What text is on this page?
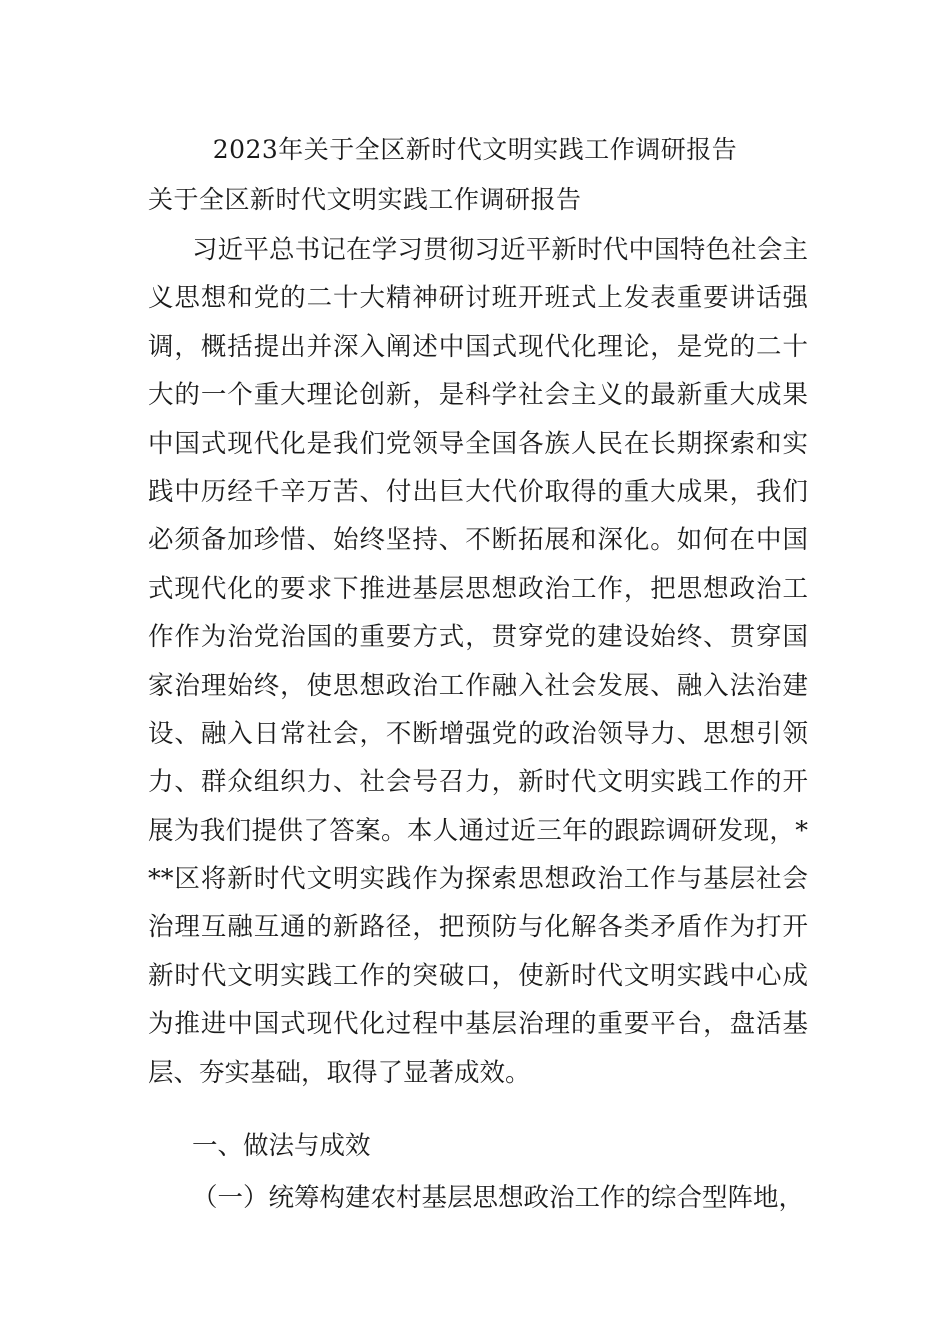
2023年关于全区新时代文明实践工作调研报告
关于全区新时代文明实践工作调研报告
习近平总书记在学习贯彻习近平新时代中国特色社会主
义思想和党的二十大精神研讨班开班式上发表重要讲话强
调，概括提出并深入阐述中国式现代化理论，是党的二十
大的一个重大理论创新，是科学社会主义的最新重大成果
中国式现代化是我们党领导全国各族人民在长期探索和实
践中历经千辛万苦、付出巨大代价取得的重大成果，我们
必须备加珍惜、始终坚持、不断拓展和深化。如何在中国
式现代化的要求下推进基层思想政治工作，把思想政治工
作作为治党治国的重要方式，贯穿党的建设始终、贯穿国
家治理始终，使思想政治工作融入社会发展、融入法治建
设、融入日常社会，不断增强党的政治领导力、思想引领
力、群众组织力、社会号召力，新时代文明实践工作的开
展为我们提供了答案。本人通过近三年的跟踪调研发现，*
**区将新时代文明实践作为探索思想政治工作与基层社会
治理互融互通的新路径，把预防与化解各类矛盾作为打开
新时代文明实践工作的突破口，使新时代文明实践中心成
为推进中国式现代化过程中基层治理的重要平台，盘活基
层、夯实基础，取得了显著成效。
一、做法与成效
（一）统筹构建农村基层思想政治工作的综合型阵地，
